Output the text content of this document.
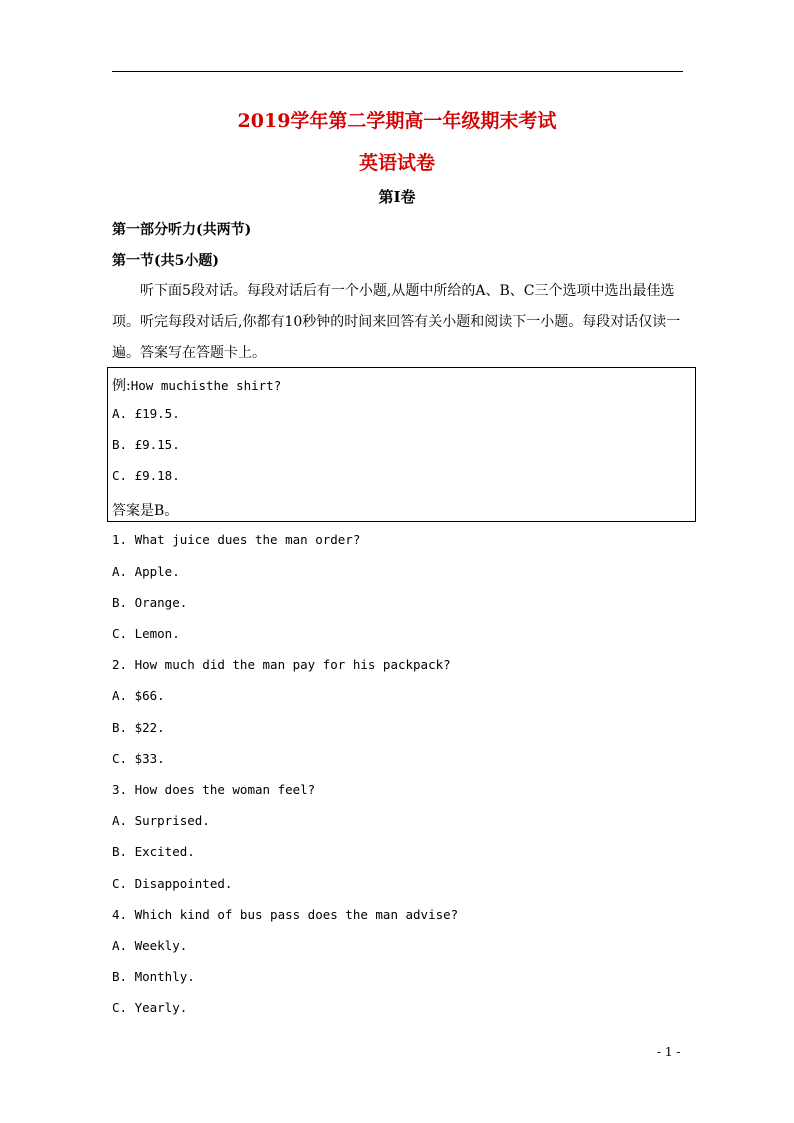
2019学年第二学期高一年级期末考试
英语试卷
第Ⅰ卷
第一部分听力(共两节)
第一节(共5小题)
听下面5段对话。每段对话后有一个小题,从题中所给的A、B、C三个选项中选出最佳选项。听完每段对话后,你都有10秒钟的时间来回答有关小题和阅读下一小题。每段对话仅读一遍。答案写在答题卡上。
例:How muchisthe shirt?
A. £19.5.
B. £9.15.
C. £9.18.
答案是B。
1. What juice dues the man order?
A. Apple.
B. Orange.
C. Lemon.
2. How much did the man pay for his packpack?
A. $66.
B. $22.
C. $33.
3. How does the woman feel?
A. Surprised.
B. Excited.
C. Disappointed.
4. Which kind of bus pass does the man advise?
A. Weekly.
B. Monthly.
C. Yearly.
- 1 -
